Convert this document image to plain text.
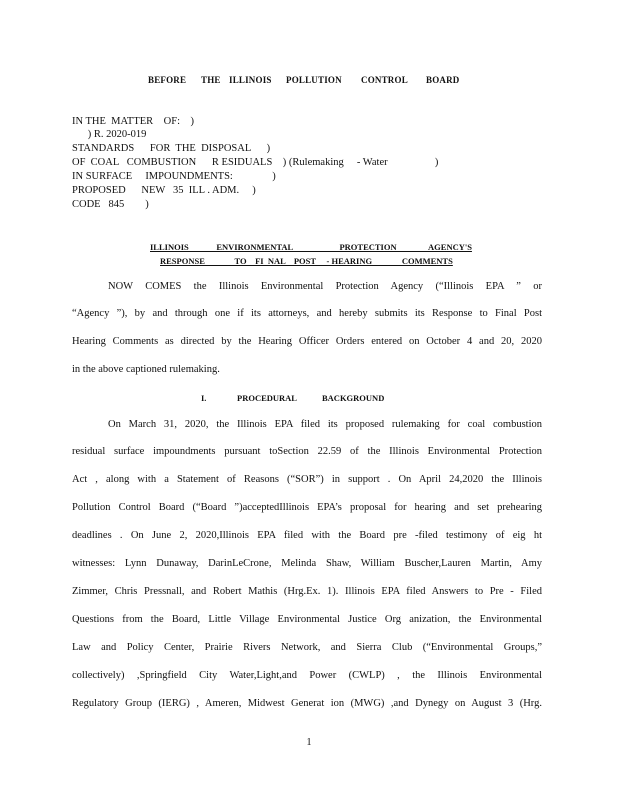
BEFORE THE ILLINOIS POLLUTION CONTROL BOARD
IN THE  MATTER    OF:    )
) R. 2020-019
STANDARDS      FOR  THE  DISPOSAL      )
OF  COAL   COMBUSTION      R ESIDUALS    ) (Rulemaking     - Water                  )
IN SURFACE     IMPOUNDMENTS:               )
PROPOSED      NEW   35  ILL . ADM.     )
CODE   845        )
ILLINOIS             ENVIRONMENTAL                      PROTECTION               AGENCY'S
RESPONSE              TO    FI  NAL    POST     - HEARING              COMMENTS
NOW COMES the Illinois Environmental Protection Agency (“Illinois EPA ” or
“Agency ”), by and through one if its attorneys, and hereby submits its Response to Final Post
Hearing Comments as directed by the Hearing Officer Orders entered on October 4 and 20, 2020
in the above captioned rulemaking.
I.	PROCEDURAL            BACKGROUND
On March 31, 2020, the Illinois EPA filed its proposed rulemaking for coal combustion
residual surface impoundments pursuant toSection 22.59 of the Illinois Environmental Protection
Act , along with a Statement of Reasons (“SOR”) in support . On April 24,2020 the Illinois
Pollution Control Board (“Board ”)acceptedIllinois EPA’s proposal for hearing and set prehearing
deadlines . On June 2, 2020,Illinois EPA filed with the Board pre -filed testimony of eig ht
witnesses: Lynn Dunaway, DarinLeCrone, Melinda Shaw, William Buscher,Lauren Martin, Amy
Zimmer, Chris Pressnall, and Robert Mathis (Hrg.Ex. 1). Illinois EPA filed Answers to Pre - Filed
Questions from the Board, Little Village Environmental Justice Org anization, the Environmental
Law and Policy Center, Prairie Rivers Network, and Sierra Club (“Environmental Groups,”
collectively) ,Springfield City Water,Light,and Power (CWLP) , the Illinois Environmental
Regulatory Group (IERG) , Ameren, Midwest Generat ion (MWG) ,and Dynegy on August 3 (Hrg.
1
